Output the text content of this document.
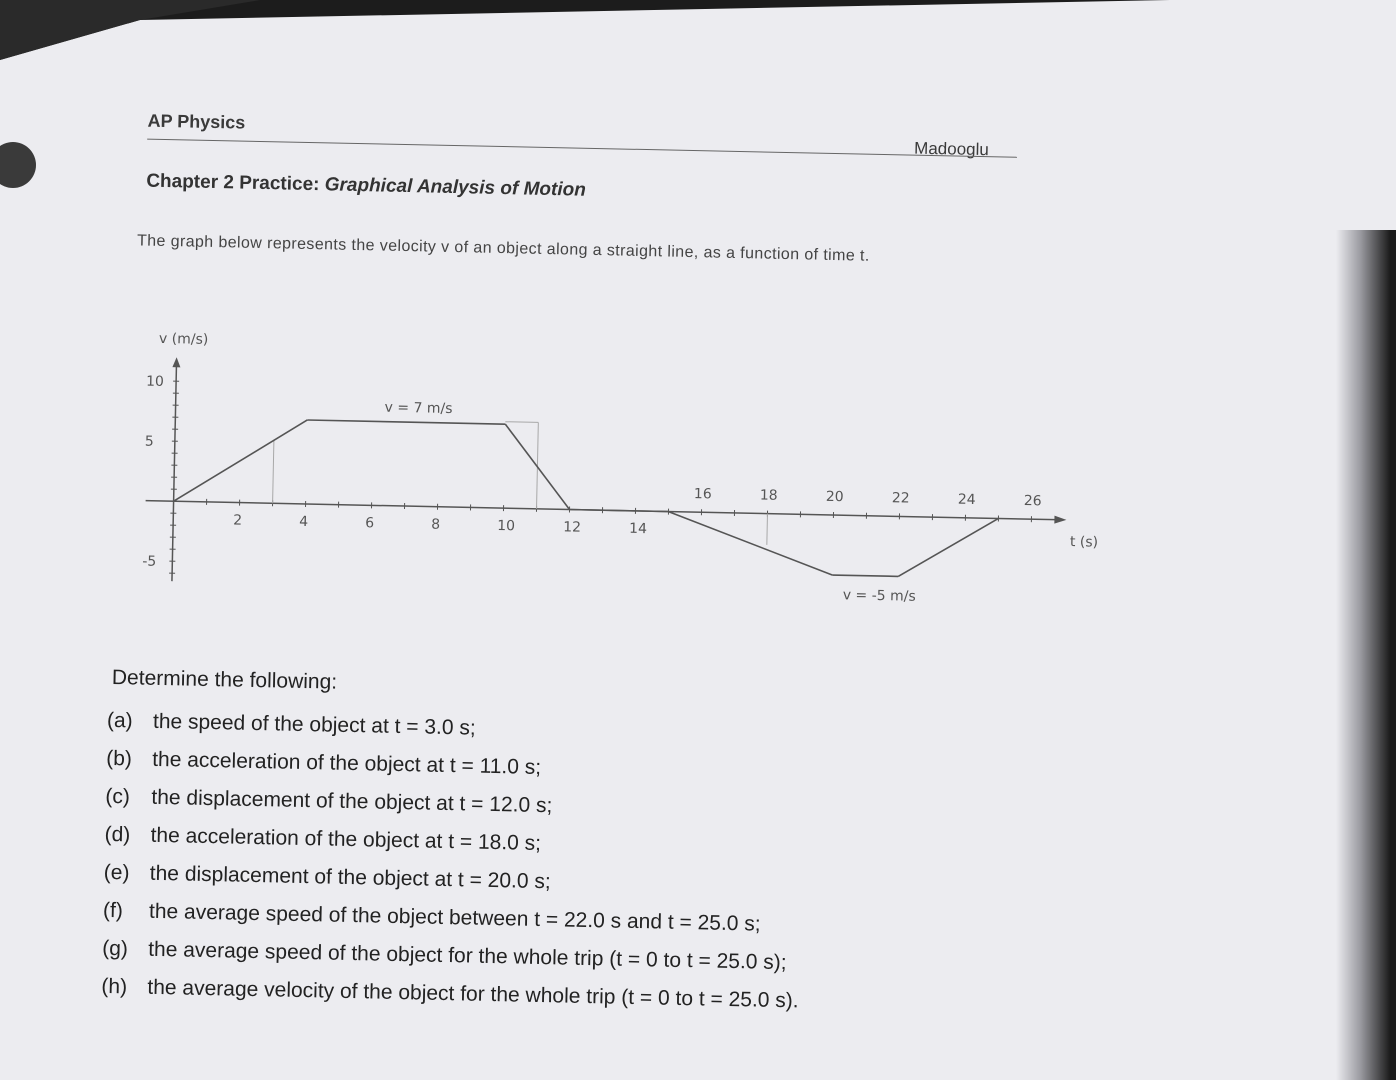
AP Physics
Madooglu
Chapter 2 Practice: Graphical Analysis of Motion
The graph below represents the velocity v of an object along a straight line, as a function of time t.
2	4	6	8	10	12	14
16	18	20	22	24	26
10
5
-5
v = 7 m/s
v = -5 m/s
v (m/s)
t (s)
Determine the following:
(a) the speed of the object at t = 3.0 s;
(b) the acceleration of the object at t = 11.0 s;
(c) the displacement of the object at t = 12.0 s;
(d) the acceleration of the object at t = 18.0 s;
(e) the displacement of the object at t = 20.0 s;
(f) the average speed of the object between t = 22.0 s and t = 25.0 s;
(g) the average speed of the object for the whole trip (t = 0 to t = 25.0 s);
(h) the average velocity of the object for the whole trip (t = 0 to t = 25.0 s).
